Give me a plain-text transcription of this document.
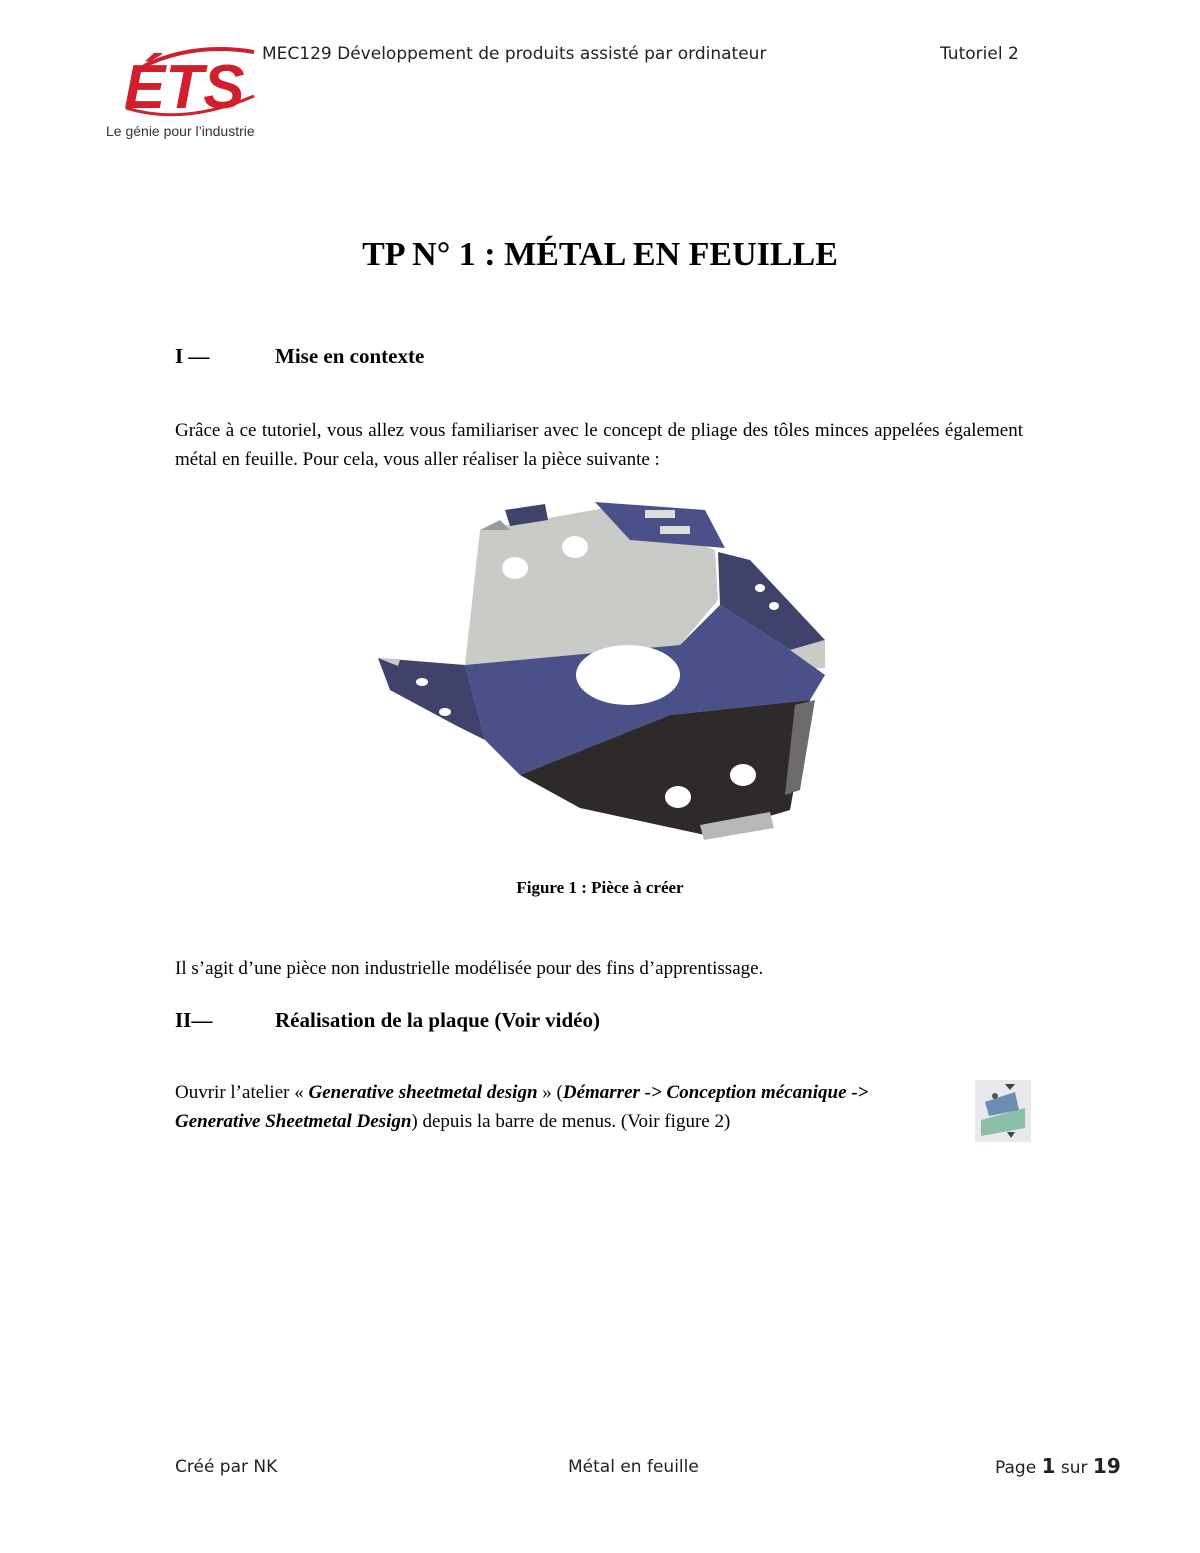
ÉTS
Le génie pour l’industrie
MEC129 Développement de produits assisté par ordinateur	Tutoriel 2
TP N° 1 : MÉTAL EN FEUILLE
I —	Mise en contexte
Grâce à ce tutoriel, vous allez vous familiariser avec le concept de pliage des tôles minces appelées également métal en feuille. Pour cela, vous aller réaliser la pièce suivante :
Figure 1 : Pièce à créer
Il s’agit d’une pièce non industrielle modélisée pour des fins d’apprentissage.
II—	Réalisation de la plaque (Voir vidéo)
Ouvrir l’atelier « Generative sheetmetal design » (Démarrer -> Conception mécanique -> Generative Sheetmetal Design) depuis la barre de menus. (Voir figure 2)
Créé par NK	Métal en feuille	Page 1 sur 19
